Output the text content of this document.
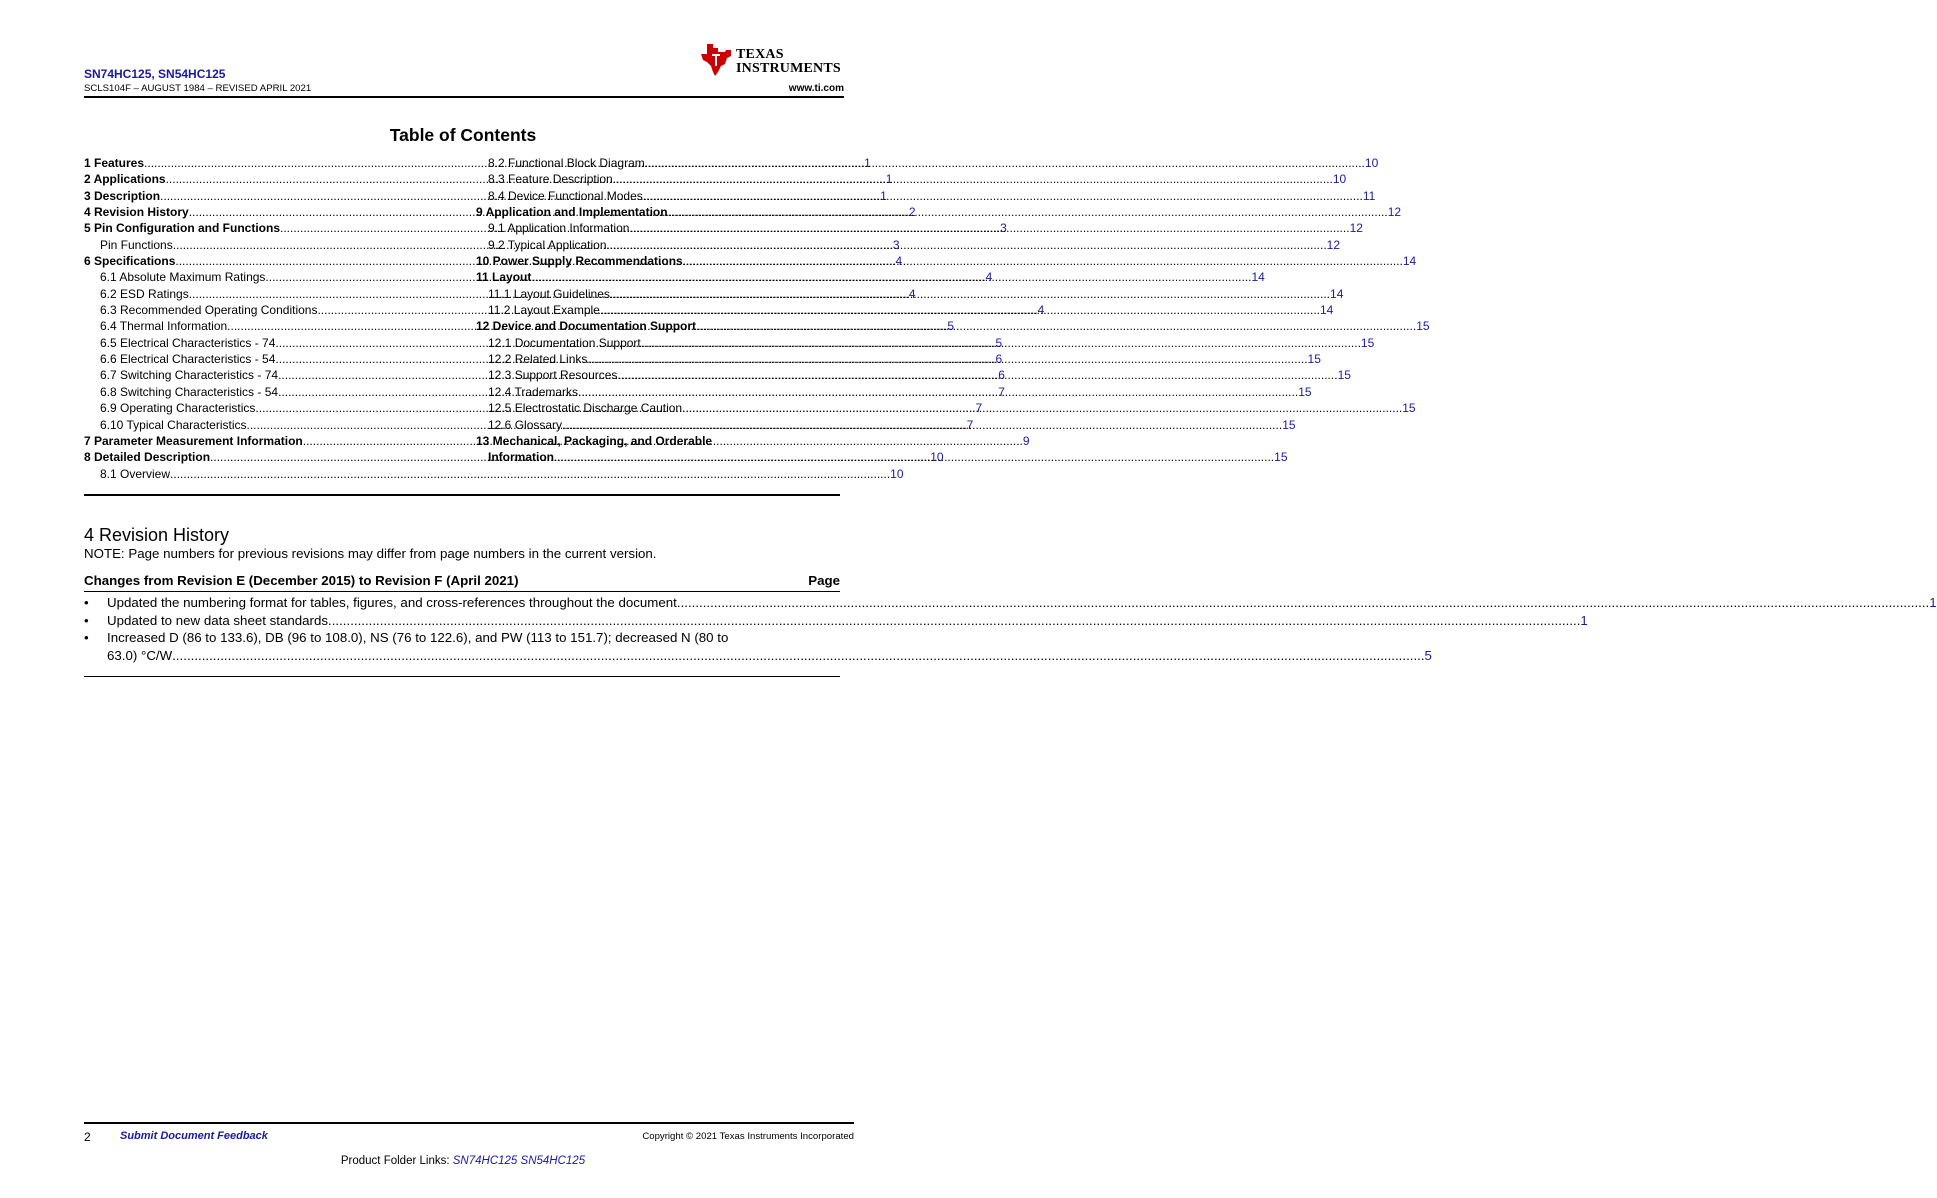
SN74HC125, SN54HC125
SCLS104F – AUGUST 1984 – REVISED APRIL 2021	www.ti.com
TEXAS
INSTRUMENTS
Table of Contents
1 Features .....	1
2 Applications .....	1
3 Description .....	1
4 Revision History .....	2
5 Pin Configuration and Functions .....	3
Pin Functions .....	3
6 Specifications .....	4
6.1 Absolute Maximum Ratings .....	4
6.2 ESD Ratings .....	4
6.3 Recommended Operating Conditions .....	4
6.4 Thermal Information .....	5
6.5 Electrical Characteristics - 74 .....	5
6.6 Electrical Characteristics - 54 .....	6
6.7 Switching Characteristics - 74 .....	6
6.8 Switching Characteristics - 54 .....	7
6.9 Operating Characteristics .....	7
6.10 Typical Characteristics .....	7
7 Parameter Measurement Information .....	9
8 Detailed Description .....	10
8.1 Overview .....	10
8.2 Functional Block Diagram .....	10
8.3 Feature Description .....	10
8.4 Device Functional Modes .....	11
9 Application and Implementation .....	12
9.1 Application Information .....	12
9.2 Typical Application .....	12
10 Power Supply Recommendations .....	14
11 Layout .....	14
11.1 Layout Guidelines .....	14
11.2 Layout Example .....	14
12 Device and Documentation Support .....	15
12.1 Documentation Support .....	15
12.2 Related Links .....	15
12.3 Support Resources .....	15
12.4 Trademarks .....	15
12.5 Electrostatic Discharge Caution .....	15
12.6 Glossary .....	15
13 Mechanical, Packaging, and Orderable
Information .....	15
4 Revision History
NOTE: Page numbers for previous revisions may differ from page numbers in the current version.
Changes from Revision E (December 2015) to Revision F (April 2021)	Page
•	Updated the numbering format for tables, figures, and cross-references throughout the document .....	1
•	Updated to new data sheet standards .....	1
•	Increased D (86 to 133.6), DB (96 to 108.0), NS (76 to 122.6), and PW (113 to 151.7); decreased N (80 to
63.0) °C/W .....	5
2	Submit Document Feedback	Copyright © 2021 Texas Instruments Incorporated
Product Folder Links: SN74HC125 SN54HC125
